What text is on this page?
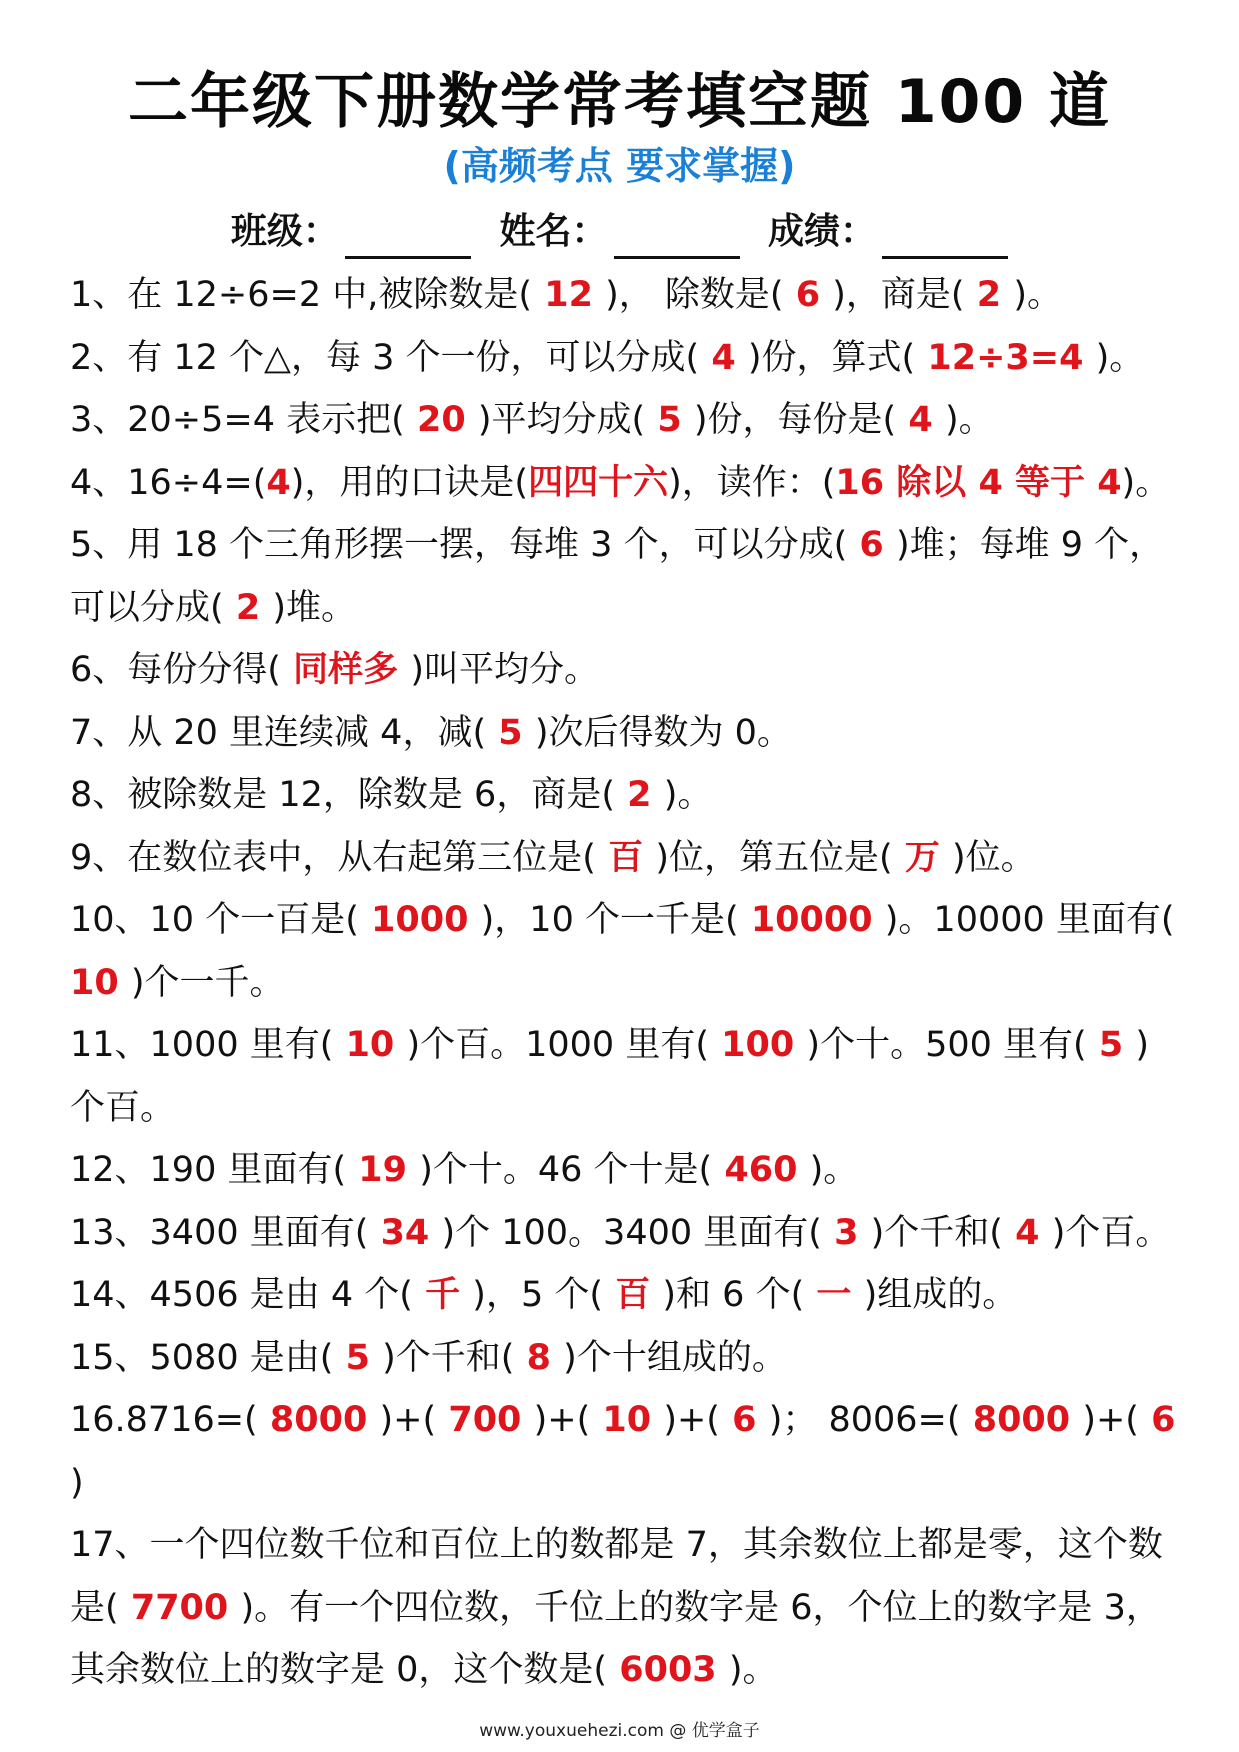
二年级下册数学常考填空题 100 道
(高频考点 要求掌握)
班级：	姓名：	成绩：

1、在 12÷6=2 中,被除数是( 12 )， 除数是( 6 )，商是( 2 )。

2、有 12 个△，每 3 个一份，可以分成( 4 )份，算式( 12÷3=4 )。

3、20÷5=4 表示把( 20 )平均分成( 5 )份，每份是( 4 )。

4、16÷4=(4)，用的口诀是(四四十六)，读作：(16 除以 4 等于 4)。

5、用 18 个三角形摆一摆，每堆 3 个，可以分成( 6 )堆；每堆 9 个，可以分成( 2 )堆。

6、每份分得( 同样多 )叫平均分。

7、从 20 里连续减 4，减( 5 )次后得数为 0。

8、被除数是 12，除数是 6，商是( 2 )。

9、在数位表中，从右起第三位是( 百 )位，第五位是( 万 )位。

10、10 个一百是( 1000 )，10 个一千是( 10000 )。10000 里面有( 10 )个一千。

11、1000 里有( 10 )个百。1000 里有( 100 )个十。500 里有( 5 )个百。

12、190 里面有( 19 )个十。46 个十是( 460 )。

13、3400 里面有( 34 )个 100。3400 里面有( 3 )个千和( 4 )个百。

14、4506 是由 4 个( 千 )，5 个( 百 )和 6 个( 一 )组成的。

15、5080 是由( 5 )个千和( 8 )个十组成的。

16.8716=( 8000 )+( 700 )+( 10 )+( 6 )； 8006=( 8000 )+( 6 )

17、一个四位数千位和百位上的数都是 7，其余数位上都是零，这个数是( 7700 )。有一个四位数，千位上的数字是 6，个位上的数字是 3，其余数位上的数字是 0，这个数是( 6003 )。

www.youxuehezi.com @ 优学盒子
